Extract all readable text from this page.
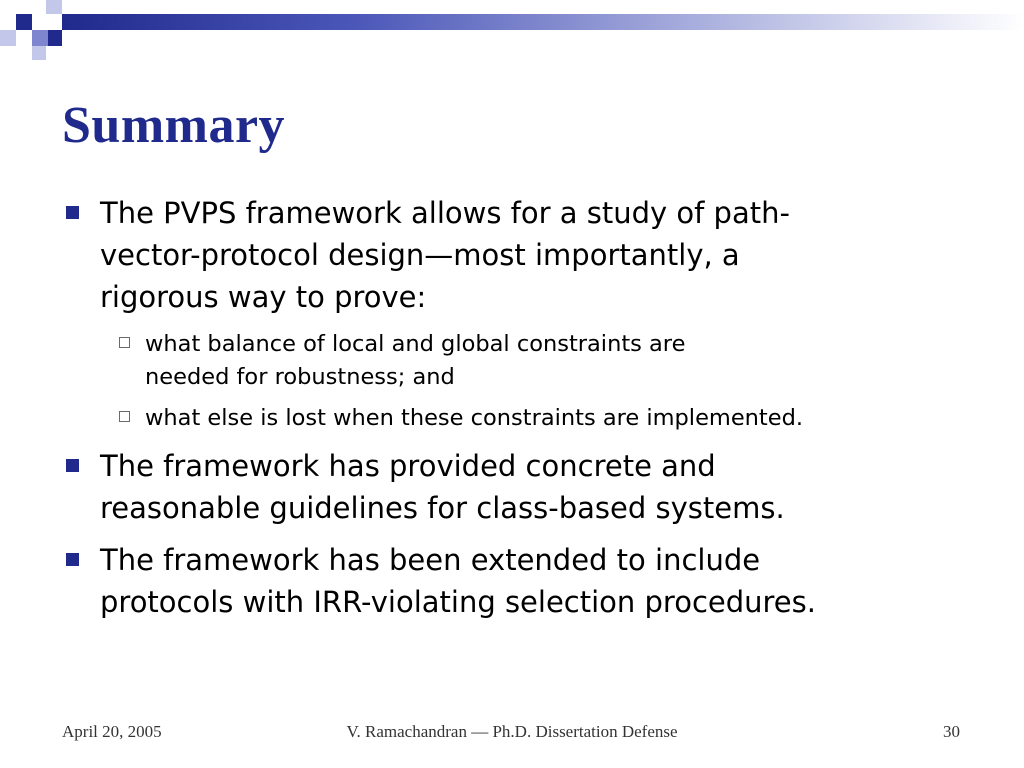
Summary
The PVPS framework allows for a study of path-
vector-protocol design—most importantly, a
rigorous way to prove:
what balance of local and global constraints are
needed for robustness; and
what else is lost when these constraints are implemented.
The framework has provided concrete and
reasonable guidelines for class-based systems.
The framework has been extended to include
protocols with IRR-violating selection procedures.
April 20, 2005	V. Ramachandran — Ph.D. Dissertation Defense	30
